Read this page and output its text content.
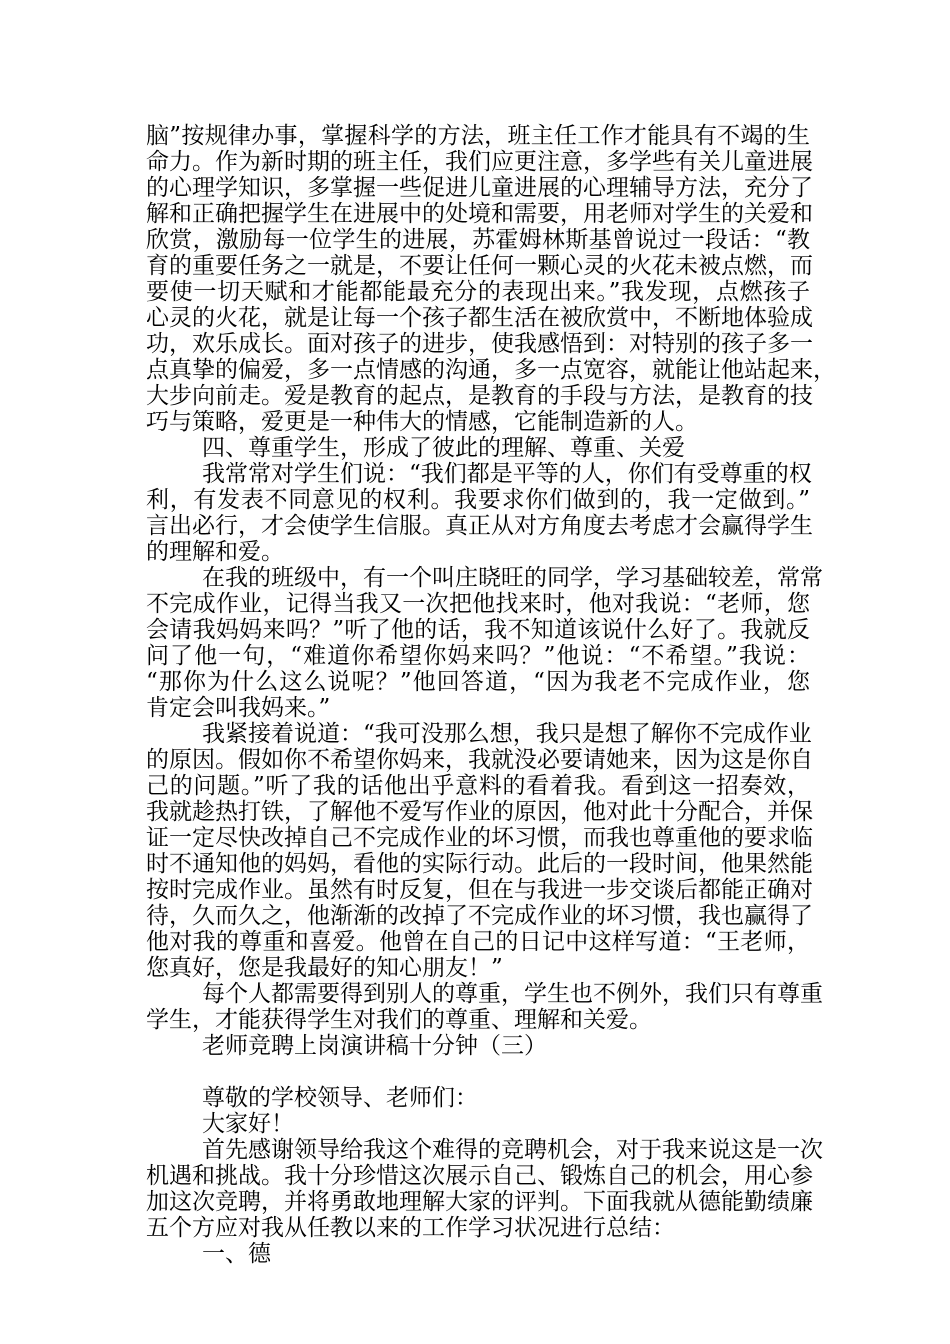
脑”按规律办事，掌握科学的方法，班主任工作才能具有不竭的生
命力。作为新时期的班主任，我们应更注意，多学些有关儿童进展
的心理学知识，多掌握一些促进儿童进展的心理辅导方法，充分了
解和正确把握学生在进展中的处境和需要，用老师对学生的关爱和
欣赏，激励每一位学生的进展，苏霍姆林斯基曾说过一段话：“教
育的重要任务之一就是，不要让任何一颗心灵的火花未被点燃，而
要使一切天赋和才能都能最充分的表现出来。”我发现，点燃孩子
心灵的火花，就是让每一个孩子都生活在被欣赏中，不断地体验成
功，欢乐成长。面对孩子的进步，使我感悟到：对特别的孩子多一
点真挚的偏爱，多一点情感的沟通，多一点宽容，就能让他站起来，
大步向前走。爱是教育的起点，是教育的手段与方法，是教育的技
巧与策略，爱更是一种伟大的情感，它能制造新的人。
四、尊重学生，形成了彼此的理解、尊重、关爱
我常常对学生们说：“我们都是平等的人，你们有受尊重的权
利，有发表不同意见的权利。我要求你们做到的，我一定做到。”
言出必行，才会使学生信服。真正从对方角度去考虑才会赢得学生
的理解和爱。
在我的班级中，有一个叫庄晓旺的同学，学习基础较差，常常
不完成作业，记得当我又一次把他找来时，他对我说：“老师，您
会请我妈妈来吗？”听了他的话，我不知道该说什么好了。我就反
问了他一句，“难道你希望你妈来吗？”他说：“不希望。”我说：
“那你为什么这么说呢？”他回答道，“因为我老不完成作业，您
肯定会叫我妈来。”
我紧接着说道：“我可没那么想，我只是想了解你不完成作业
的原因。假如你不希望你妈来，我就没必要请她来，因为这是你自
己的问题。”听了我的话他出乎意料的看着我。看到这一招奏效，
我就趁热打铁，了解他不爱写作业的原因，他对此十分配合，并保
证一定尽快改掉自己不完成作业的坏习惯，而我也尊重他的要求临
时不通知他的妈妈，看他的实际行动。此后的一段时间，他果然能
按时完成作业。虽然有时反复，但在与我进一步交谈后都能正确对
待，久而久之，他渐渐的改掉了不完成作业的坏习惯，我也赢得了
他对我的尊重和喜爱。他曾在自己的日记中这样写道：“王老师，
您真好，您是我最好的知心朋友！”
每个人都需要得到别人的尊重，学生也不例外，我们只有尊重
学生，才能获得学生对我们的尊重、理解和关爱。
老师竞聘上岗演讲稿十分钟（三）
尊敬的学校领导、老师们：
大家好！
首先感谢领导给我这个难得的竞聘机会，对于我来说这是一次
机遇和挑战。我十分珍惜这次展示自己、锻炼自己的机会，用心参
加这次竞聘，并将勇敢地理解大家的评判。下面我就从德能勤绩廉
五个方应对我从任教以来的工作学习状况进行总结：
一、德
